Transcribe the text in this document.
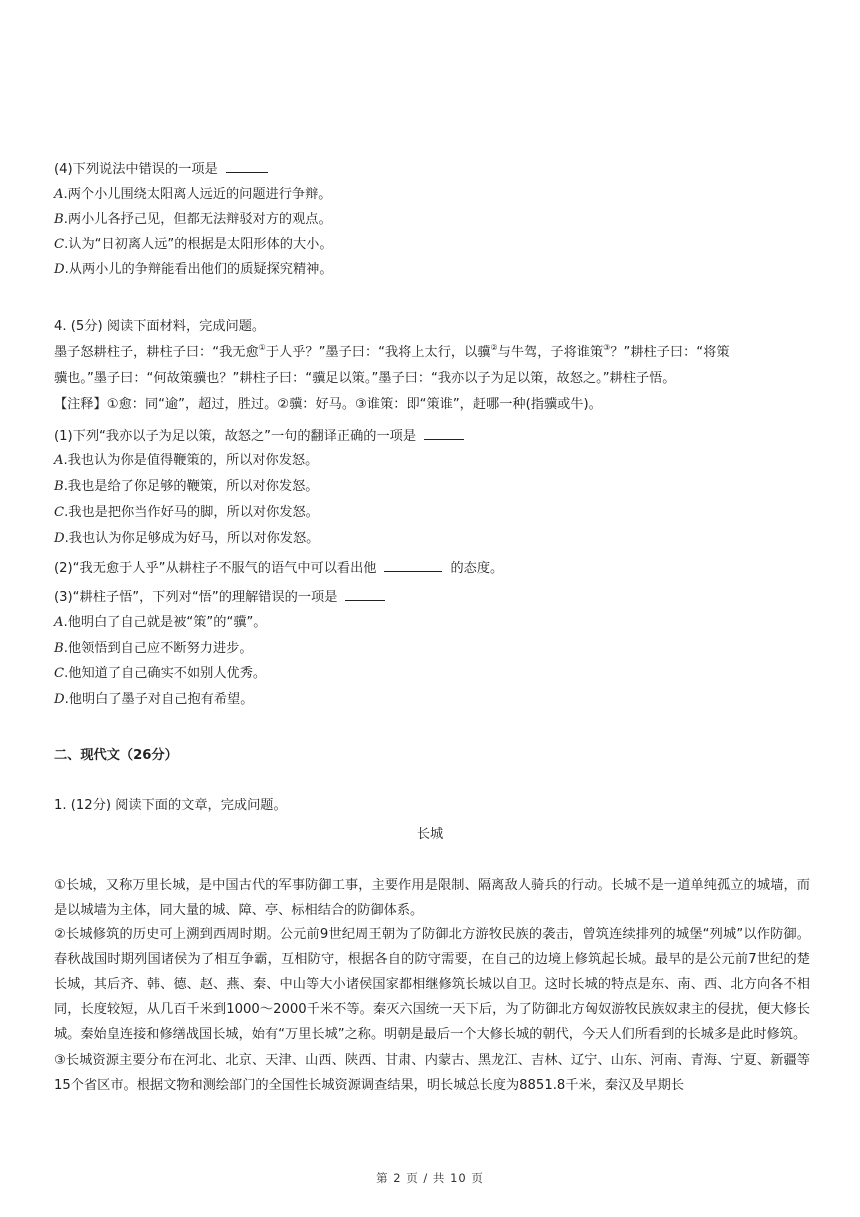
(4)下列说法中错误的一项是
A.两个小儿围绕太阳离人远近的问题进行争辩。
B.两小儿各抒己见，但都无法辩驳对方的观点。
C.认为“日初离人远”的根据是太阳形体的大小。
D.从两小儿的争辩能看出他们的质疑探究精神。
4. (5分) 阅读下面材料，完成问题。
墨子怒耕柱子，耕柱子曰：“我无愈①于人乎？”墨子曰：“我将上太行，以骥②与牛驾，子将谁策③？”耕柱子曰：“将策
骥也。”墨子曰：“何故策骥也？”耕柱子曰：“骥足以策。”墨子曰：“我亦以子为足以策，故怒之。”耕柱子悟。
【注释】①愈：同“逾”，超过，胜过。②骥：好马。③谁策：即“策谁”，赶哪一种(指骥或牛)。
(1)下列“我亦以子为足以策，故怒之”一句的翻译正确的一项是
A.我也认为你是值得鞭策的，所以对你发怒。
B.我也是给了你足够的鞭策，所以对你发怒。
C.我也是把你当作好马的脚，所以对你发怒。
D.我也认为你足够成为好马，所以对你发怒。
(2)“我无愈于人乎”从耕柱子不服气的语气中可以看出他	的态度。
(3)“耕柱子悟”，下列对“悟”的理解错误的一项是
A.他明白了自己就是被“策”的“骥”。
B.他领悟到自己应不断努力进步。
C.他知道了自己确实不如别人优秀。
D.他明白了墨子对自己抱有希望。
二、现代文（26分）
1. (12分) 阅读下面的文章，完成问题。
长城
①长城，又称万里长城，是中国古代的军事防御工事，主要作用是限制、隔离敌人骑兵的行动。长城不是一道单纯孤立的城墙，而是以城墙为主体，同大量的城、障、亭、标相结合的防御体系。
②长城修筑的历史可上溯到西周时期。公元前9世纪周王朝为了防御北方游牧民族的袭击，曾筑连续排列的城堡“列城”以作防御。春秋战国时期列国诸侯为了相互争霸，互相防守，根据各自的防守需要，在自己的边境上修筑起长城。最早的是公元前7世纪的楚长城，其后齐、韩、德、赵、燕、秦、中山等大小诸侯国家都相继修筑长城以自卫。这时长城的特点是东、南、西、北方向各不相同，长度较短，从几百千米到1000～2000千米不等。秦灭六国统一天下后，为了防御北方匈奴游牧民族奴隶主的侵扰，便大修长城。秦始皇连接和修缮战国长城，始有“万里长城”之称。明朝是最后一个大修长城的朝代，今天人们所看到的长城多是此时修筑。
③长城资源主要分布在河北、北京、天津、山西、陕西、甘肃、内蒙古、黑龙江、吉林、辽宁、山东、河南、青海、宁夏、新疆等15个省区市。根据文物和测绘部门的全国性长城资源调查结果，明长城总长度为8851.8千米，秦汉及早期长
第 2 页 / 共 10 页
